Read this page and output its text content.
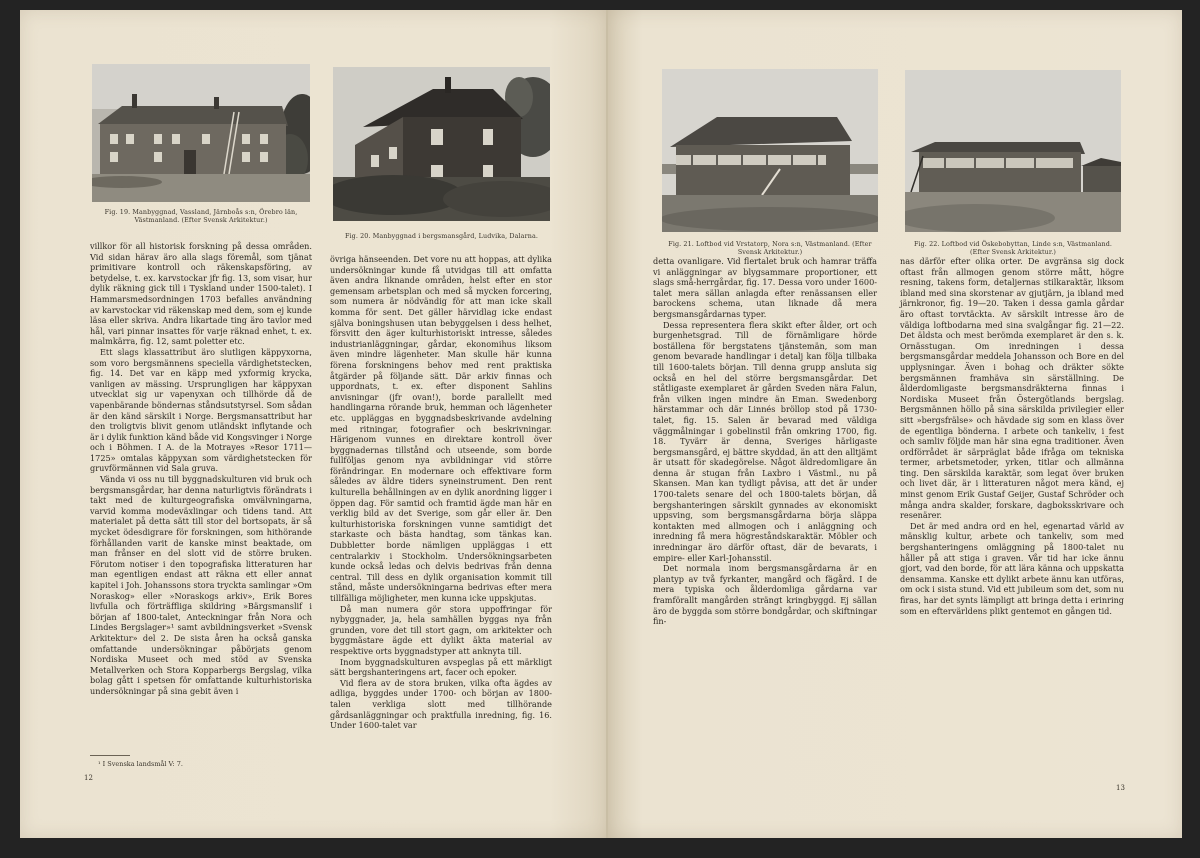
Fig. 19. Manbyggnad, Vassland, Järnboås s:n, Örebro län, Västmanland. (Efter Svensk Arkitektur.)
Fig. 20. Manbyggnad i bergsmansgård, Ludvika, Dalarna.

villkor för all historisk forskning på dessa områden. Vid sidan härav äro alla slags föremål, som tjänat primitivare kontroll och räkenskapsföring, av betydelse, t. ex. karvstockar jfr fig. 13, som visar, hur dylik räkning gick till i Tyskland under 1500-talet). I Hammarsmedsordningen 1703 befalles användning av karvstockar vid räkenskap med dem, som ej kunde läsa eller skriva. Andra likartade ting äro tavlor med hål, vari pinnar insattes för varje räknad enhet, t. ex. malmkärra, fig. 12, samt poletter etc.

Ett slags klassattribut äro slutligen käppyxorna, som voro bergsmännens speciella värdighetstecken, fig. 14. Det var en käpp med yxformig krycka, vanligen av mässing. Ursprungligen har käppyxan utvecklat sig ur vapenyxan och tillhörde då de vapenbärande böndernas ståndsutstyrsel. Som sådan är den känd särskilt i Norge. Bergsmansattribut har den troligtvis blivit genom utländskt inflytande och är i dylik funktion känd både vid Kongsvinger i Norge och i Böhmen. I A. de la Motrayes »Resor 1711—1725» omtalas käppyxan som värdighetstecken för gruvförmännen vid Sala gruva.

Vända vi oss nu till byggnadskulturen vid bruk och bergsmansgårdar, har denna naturligtvis förändrats i takt med de kulturgeografiska omvälvningarna, varvid komma modeväxlingar och tidens tand. Att materialet på detta sätt till stor del bortsopats, är så mycket ödesdigrare för forskningen, som hithörande förhållanden varit de kanske minst beaktade, om man frånser en del slott vid de större bruken. Förutom notiser i den topografiska litteraturen har man egentligen endast att räkna ett eller annat kapitel i Joh. Johanssons stora tryckta samlingar »Om Noraskog» eller »Noraskogs arkiv», Erik Bores livfulla och förträffliga skildring »Bärgsmanslif i början af 1800-talet, Anteckningar från Nora och Lindes Bergslager»¹ samt avbildningsverket »Svensk Arkitektur» del 2. De sista åren ha också ganska omfattande undersökningar påbörjats genom Nordiska Museet och med stöd av Svenska Metallverken och Stora Kopparbergs Bergslag, vilka bolag gått i spetsen för omfattande kulturhistoriska undersökningar på sina gebit även i

övriga hänseenden. Det vore nu att hoppas, att dylika undersökningar kunde få utvidgas till att omfatta även andra liknande områden, helst efter en stor gemensam arbetsplan och med så mycken forcering, som numera är nödvändig för att man icke skall komma för sent. Det gäller härvidlag icke endast själva boningshusen utan bebyggelsen i dess helhet, försvitt den äger kulturhistoriskt intresse, således industrianläggningar, gårdar, ekonomihus liksom även mindre lägenheter. Man skulle här kunna förena forskningens behov med rent praktiska åtgärder på följande sätt. Där arkiv finnas och uppordnats, t. ex. efter disponent Sahlins anvisningar (jfr ovan!), borde parallellt med handlingarna rörande bruk, hemman och lägenheter etc. uppläggas en byggnadsbeskrivande avdelning med ritningar, fotografier och beskrivningar. Härigenom vunnes en direktare kontroll över byggnadernas tillstånd och utseende, som borde fullföljas genom nya avbildningar vid större förändringar. En modernare och effektivare form således av äldre tiders syneinstrument. Den rent kulturella behållningen av en dylik anordning ligger i öppen dag. För samtid och framtid ägde man här en verklig bild av det Sverige, som går eller är. Den kulturhistoriska forskningen vunne samtidigt det starkaste och bästa handtag, som tänkas kan. Dubbletter borde nämligen uppläggas i ett centralarkiv i Stockholm. Undersökningsarbeten kunde också ledas och delvis bedrivas från denna central. Till dess en dylik organisation kommit till stånd, måste undersökningarna bedrivas efter mera tillfälliga möjligheter, men kunna icke uppskjutas.

Då man numera gör stora uppoffringar för nybyggnader, ja, hela samhällen byggas nya från grunden, vore det till stort gagn, om arkitekter och byggmästare ägde ett dylikt äkta material av respektive orts byggnadstyper att anknyta till.

Inom byggnadskulturen avspeglas på ett märkligt sätt bergshanteringens art, facer och epoker.

Vid flera av de stora bruken, vilka ofta ägdes av adliga, byggdes under 1700- och början av 1800-talen verkliga slott med tillhörande gårdsanläggningar och praktfulla inredning, fig. 16. Under 1600-talet var

¹ I Svenska landsmål V: 7.
12
Fig. 21. Loftbod vid Vrstatorp, Nora s:n, Västmanland. (Efter Svensk Arkitektur.)
Fig. 22. Loftbod vid Öskebobyttan, Linde s:n, Västmanland. (Efter Svensk Arkitektur.)

detta ovanligare. Vid flertalet bruk och hamrar träffa vi anläggningar av blygsammare proportioner, ett slags små-herrgårdar, fig. 17. Dessa voro under 1600-talet mera sällan anlagda efter renässansen eller barockens schema, utan liknade då mera bergsmansgårdarnas typer.

Dessa representera flera skikt efter ålder, ort och burgenhetsgrad. Till de förnämligare hörde boställena för bergstatens tjänstemän, som man genom bevarade handlingar i detalj kan följa tillbaka till 1600-talets början. Till denna grupp ansluta sig också en hel del större bergsmansgårdar. Det ståtligaste exemplaret är gården Sveden nära Falun, från vilken ingen mindre än Eman. Swedenborg härstammar och där Linnés bröllop stod på 1730-talet, fig. 15. Salen är bevarad med väldiga väggmålningar i gobelinstil från omkring 1700, fig. 18. Tyvärr är denna, Sveriges härligaste bergsmansgård, ej bättre skyddad, än att den alltjämt är utsatt för skadegörelse. Något äldredomligare än denna är stugan från Laxbro i Västml., nu på Skansen. Man kan tydligt påvisa, att det är under 1700-talets senare del och 1800-talets början, då bergshanteringen särskilt gynnades av ekonomiskt uppsving, som bergsmansgårdarna börja släppa kontakten med allmogen och i anläggning och inredning få mera högreståndskaraktär. Möbler och inredningar äro därför oftast, där de bevarats, i empire- eller Karl-Johansstil.

Det normala inom bergsmansgårdarna är en plantyp av två fyrkanter, mangård och fägård. I de mera typiska och ålderdomliga gårdarna var framförallt mangården strängt kringbyggd. Ej sällan äro de byggda som större bondgårdar, och skiftningar fin-

nas därför efter olika orter. De avgränsa sig dock oftast från allmogen genom större mått, högre resning, takens form, detaljernas stilkaraktär, liksom ibland med sina skorstenar av gjutjärn, ja ibland med järnkronor, fig. 19—20. Taken i dessa gamla gårdar äro oftast torvtäckta. Av särskilt intresse äro de väldiga loftbodarna med sina svalgångar fig. 21—22. Det äldsta och mest berömda exemplaret är den s. k. Ornässtugan. Om inredningen i dessa bergsmansgårdar meddela Johansson och Bore en del upplysningar. Även i bohag och dräkter sökte bergsmännen framhäva sin särställning. De ålderdomligaste bergsmansdräkterna finnas i Nordiska Museet från Östergötlands bergslag. Bergsmännen höllo på sina särskilda privilegier eller sitt »bergsfrälse» och hävdade sig som en klass över de egentliga bönderna. I arbete och tankeliv, i fest och samliv följde man här sina egna traditioner. Även ordförrådet är särpräglat både ifråga om tekniska termer, arbetsmetoder, yrken, titlar och allmänna ting. Den särskilda karaktär, som legat över bruken och livet där, är i litteraturen något mera känd, ej minst genom Erik Gustaf Geijer, Gustaf Schröder och många andra skalder, forskare, dagboksskrivare och resenärer.

Det är med andra ord en hel, egenartad värld av mänsklig kultur, arbete och tankeliv, som med bergshanteringens omläggning på 1800-talet nu håller på att stiga i graven. Vår tid har icke ännu gjort, vad den borde, för att lära känna och uppskatta densamma. Kanske ett dylikt arbete ännu kan utföras, om ock i sista stund. Vid ett jubileum som det, som nu firas, har det synts lämpligt att bringa detta i erinring som en eftervärldens plikt gentemot en gången tid.

13
